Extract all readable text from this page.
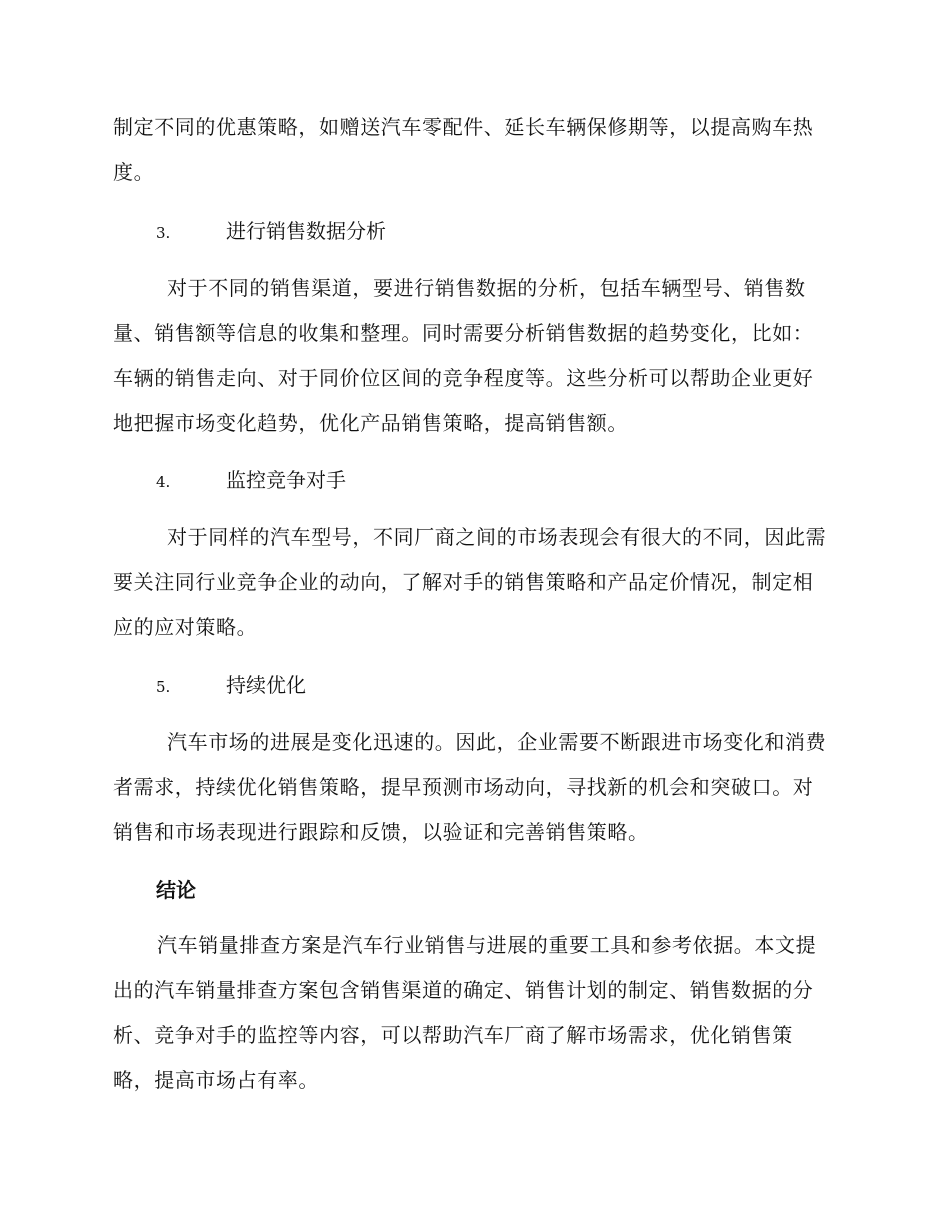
制定不同的优惠策略，如赠送汽车零配件、延长车辆保修期等，以提高购车热度。

3.	进行销售数据分析

对于不同的销售渠道，要进行销售数据的分析，包括车辆型号、销售数量、销售额等信息的收集和整理。同时需要分析销售数据的趋势变化，比如：车辆的销售走向、对于同价位区间的竞争程度等。这些分析可以帮助企业更好地把握市场变化趋势，优化产品销售策略，提高销售额。

4.	监控竞争对手

对于同样的汽车型号，不同厂商之间的市场表现会有很大的不同，因此需要关注同行业竞争企业的动向，了解对手的销售策略和产品定价情况，制定相应的应对策略。

5.	持续优化

汽车市场的进展是变化迅速的。因此，企业需要不断跟进市场变化和消费者需求，持续优化销售策略，提早预测市场动向，寻找新的机会和突破口。对销售和市场表现进行跟踪和反馈，以验证和完善销售策略。

结论

汽车销量排查方案是汽车行业销售与进展的重要工具和参考依据。本文提出的汽车销量排查方案包含销售渠道的确定、销售计划的制定、销售数据的分析、竞争对手的监控等内容，可以帮助汽车厂商了解市场需求，优化销售策略，提高市场占有率。
